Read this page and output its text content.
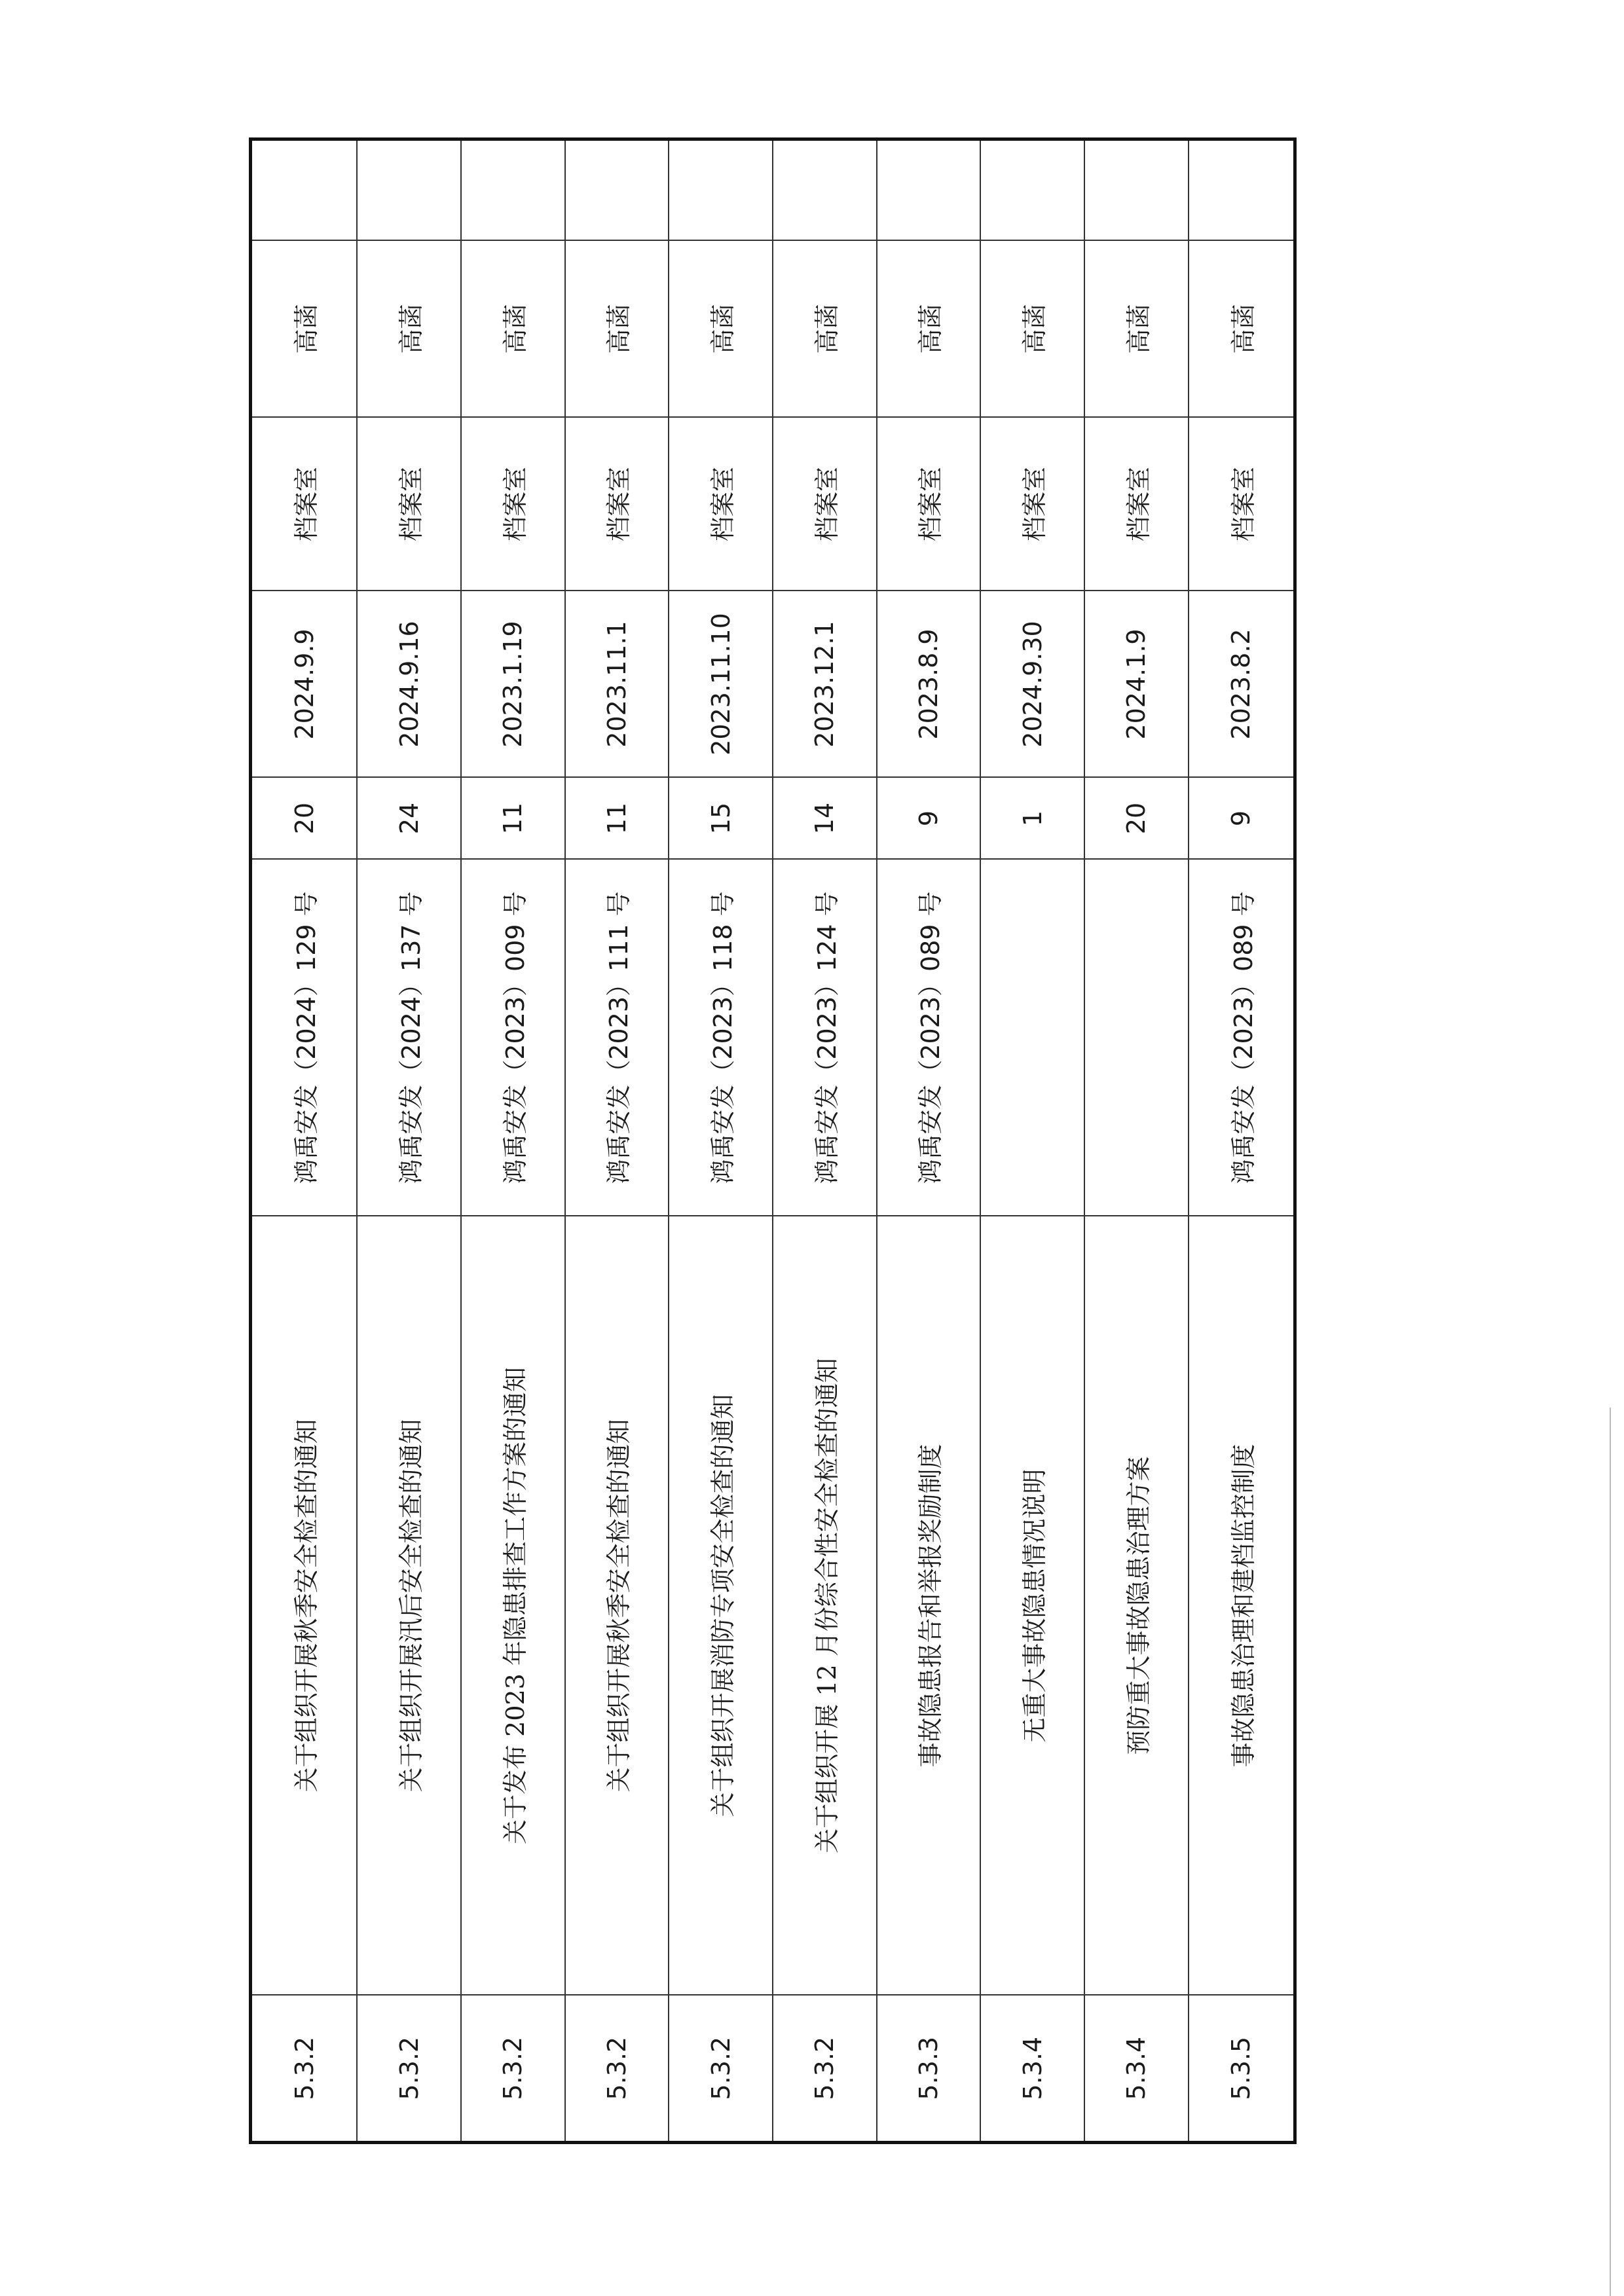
5.3.2	关于组织开展秋季安全检查的通知	鸿禹安发（2024）129 号	20	2024.9.9	档案室	高菡	
5.3.2	关于组织开展汛后安全检查的通知	鸿禹安发（2024）137 号	24	2024.9.16	档案室	高菡	
5.3.2	关于发布 2023 年隐患排查工作方案的通知	鸿禹安发（2023）009 号	11	2023.1.19	档案室	高菡	
5.3.2	关于组织开展秋季安全检查的通知	鸿禹安发（2023）111 号	11	2023.11.1	档案室	高菡	
5.3.2	关于组织开展消防专项安全检查的通知	鸿禹安发（2023）118 号	15	2023.11.10	档案室	高菡	
5.3.2	关于组织开展 12 月份综合性安全检查的通知	鸿禹安发（2023）124 号	14	2023.12.1	档案室	高菡	
5.3.3	事故隐患报告和举报奖励制度	鸿禹安发（2023）089 号	9	2023.8.9	档案室	高菡	
5.3.4	无重大事故隐患情况说明		1	2024.9.30	档案室	高菡	
5.3.4	预防重大事故隐患治理方案		20	2024.1.9	档案室	高菡	
5.3.5	事故隐患治理和建档监控制度	鸿禹安发（2023）089 号	9	2023.8.2	档案室	高菡	
